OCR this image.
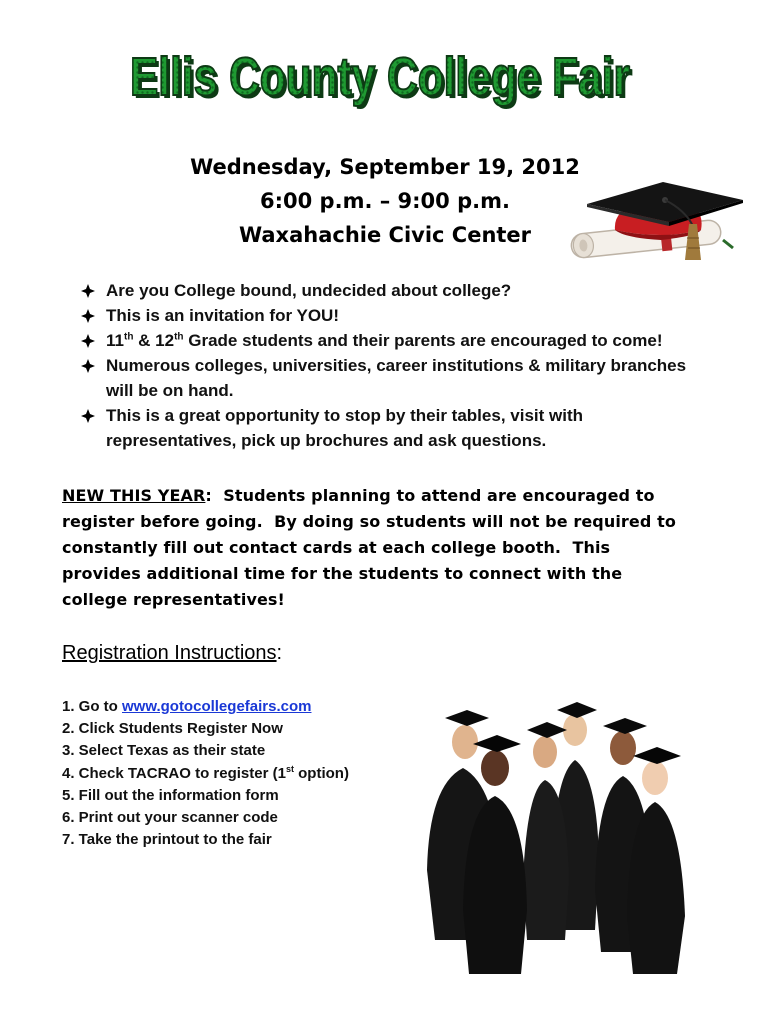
Ellis County College Fair
Ellis County College Fair
Wednesday, September 19, 2012
6:00 p.m. – 9:00 p.m.
Waxahachie Civic Center
Are you College bound, undecided about college?
This is an invitation for YOU!
11th & 12th Grade students and their parents are encouraged to come!
Numerous colleges, universities, career institutions & military branches
will be on hand.
This is a great opportunity to stop by their tables, visit with
representatives, pick up brochures and ask questions.
NEW THIS YEAR:  Students planning to attend are encouraged to
register before going.  By doing so students will not be required to
constantly fill out contact cards at each college booth.  This
provides additional time for the students to connect with the
college representatives!
Registration Instructions:
1. Go to www.gotocollegefairs.com
2. Click Students Register Now
3. Select Texas as their state
4. Check TACRAO to register (1st option)
5. Fill out the information form
6. Print out your scanner code
7. Take the printout to the fair
